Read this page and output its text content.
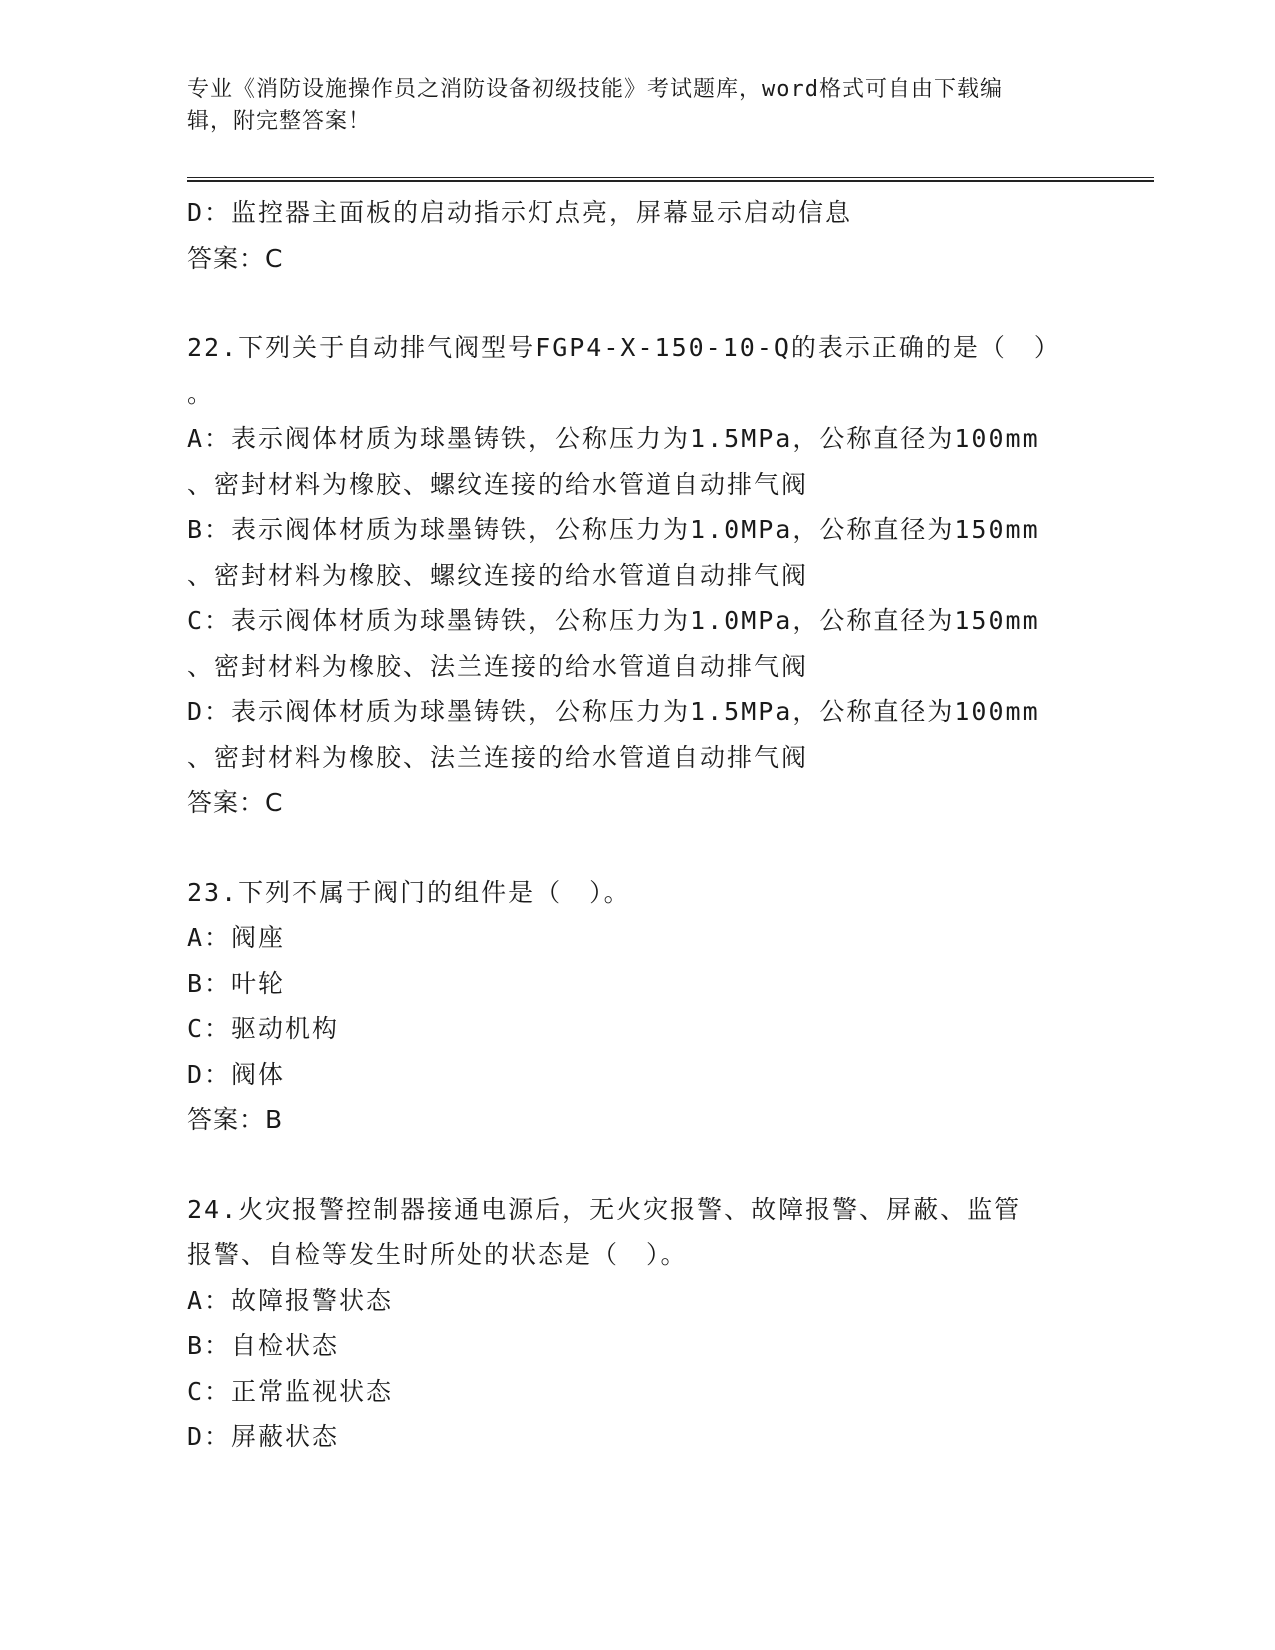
专业《消防设施操作员之消防设备初级技能》考试题库，word格式可自由下载编
辑，附完整答案！
D：监控器主面板的启动指示灯点亮，屏幕显示启动信息
答案：C
22.下列关于自动排气阀型号FGP4-X-150-10-Q的表示正确的是（　）
。
A：表示阀体材质为球墨铸铁，公称压力为1.5MPa，公称直径为100mm
、密封材料为橡胶、螺纹连接的给水管道自动排气阀
B：表示阀体材质为球墨铸铁，公称压力为1.0MPa，公称直径为150mm
、密封材料为橡胶、螺纹连接的给水管道自动排气阀
C：表示阀体材质为球墨铸铁，公称压力为1.0MPa，公称直径为150mm
、密封材料为橡胶、法兰连接的给水管道自动排气阀
D：表示阀体材质为球墨铸铁，公称压力为1.5MPa，公称直径为100mm
、密封材料为橡胶、法兰连接的给水管道自动排气阀
答案：C
23.下列不属于阀门的组件是（　）。
A：阀座
B：叶轮
C：驱动机构
D：阀体
答案：B
24.火灾报警控制器接通电源后，无火灾报警、故障报警、屏蔽、监管
报警、自检等发生时所处的状态是（　）。
A：故障报警状态
B：自检状态
C：正常监视状态
D：屏蔽状态
